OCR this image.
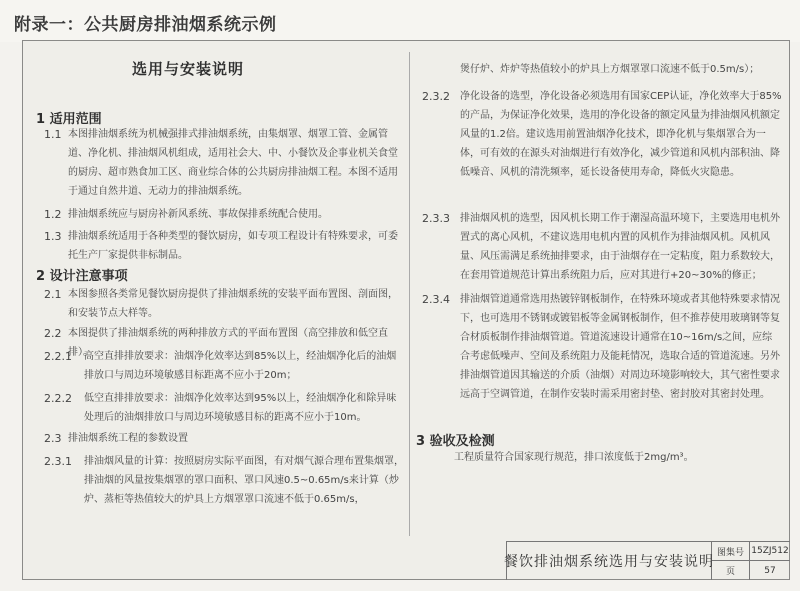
附录一：公共厨房排油烟系统示例
选用与安装说明
1 适用范围
1.1 本图排油烟系统为机械强排式排油烟系统，由集烟罩、烟罩工管、金属管道、净化机、排油烟风机组成，适用社会大、中、小餐饮及企事业机关食堂的厨房、超市熟食加工区、商业综合体的公共厨房排油烟工程。本图不适用于通过自然井道、无动力的排油烟系统。
1.2 排油烟系统应与厨房补新风系统、事故保排系统配合使用。
1.3 排油烟系统适用于各种类型的餐饮厨房，如专项工程设计有特殊要求，可委托生产厂家提供非标制品。
2 设计注意事项
2.1 本图参照各类常见餐饮厨房提供了排油烟系统的安装平面布置图、剖面图，和安装节点大样等。
2.2 本图提供了排油烟系统的两种排放方式的平面布置图（高空排放和低空直排）。
2.2.1 高空直排排放要求：油烟净化效率达到85%以上，经油烟净化后的油烟排放口与周边环境敏感目标距离不应小于20m；
2.2.2 低空直排排放要求：油烟净化效率达到95%以上，经油烟净化和除异味处理后的油烟排放口与周边环境敏感目标的距离不应小于10m。
2.3 排油烟系统工程的参数设置
2.3.1 排油烟风量的计算：按照厨房实际平面图，有对烟气源合理布置集烟罩，排油烟的风量按集烟罩的罩口面积、罩口风速0.5~0.65m/s来计算（炒炉、蒸柜等热值较大的炉具上方烟罩罩口流速不低于0.65m/s，
煲仔炉、炸炉等热值较小的炉具上方烟罩罩口流速不低于0.5m/s）；
2.3.2 净化设备的选型，净化设备必须选用有国家CEP认证，净化效率大于85%的产品，为保证净化效果，选用的净化设备的额定风量为排油烟风机额定风量的1.2倍。建议选用前置油烟净化技术，即净化机与集烟罩合为一体，可有效的在源头对油烟进行有效净化，减少管道和风机内部积油、降低噪音、风机的清洗频率，延长设备使用寿命，降低火灾隐患。
2.3.3 排油烟风机的选型，因风机长期工作于潮湿高温环境下，主要选用电机外置式的离心风机，不建议选用电机内置的风机作为排油烟风机。风机风量、风压需满足系统抽排要求，由于油烟存在一定粘度，阻力系数较大，在套用管道规范计算出系统阻力后，应对其进行+20~30%的修正；
2.3.4 排油烟管道通常选用热镀锌钢板制作，在特殊环境或者其他特殊要求情况下，也可选用不锈钢或镀铝板等金属钢板制作，但不推荐使用玻璃钢等复合材质板制作排油烟管道。管道流速设计通常在10~16m/s之间，应综合考虑低噪声、空间及系统阻力及能耗情况，选取合适的管道流速。另外排油烟管道因其输送的介质（油烟）对周边环境影响较大，其气密性要求远高于空调管道，在制作安装时需采用密封垫、密封胶对其密封处理。
3 验收及检测
工程质量符合国家现行规范，排口浓度低于2mg/m³。
餐饮排油烟系统选用与安装说明
图集号 15ZJ512
页	57
